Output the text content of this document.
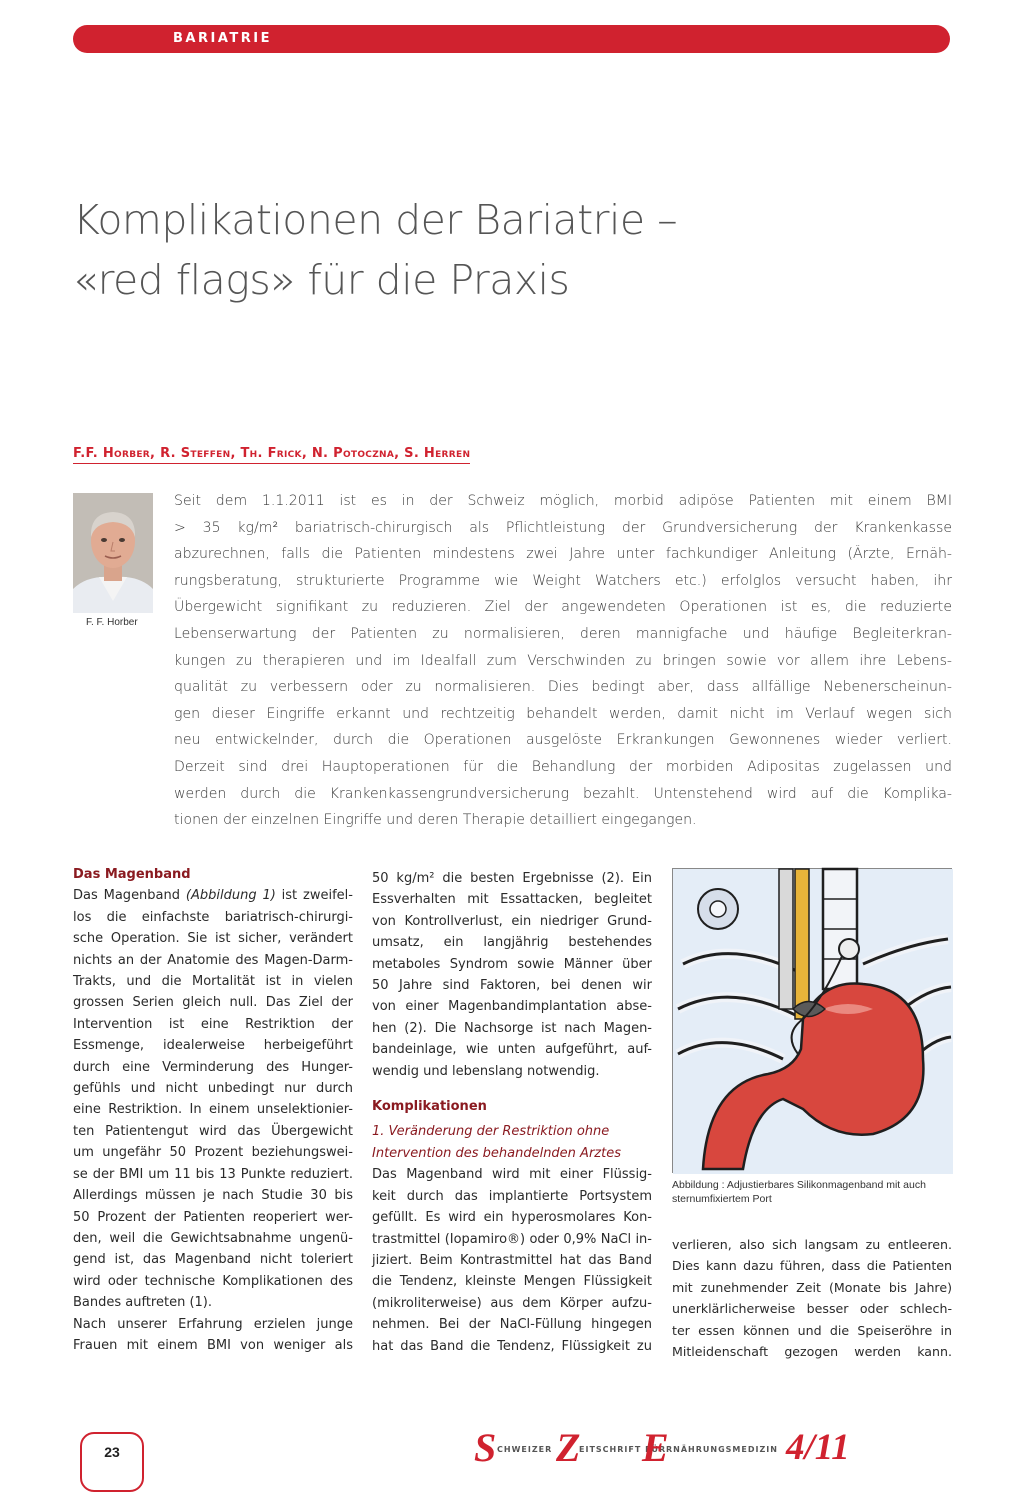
BARIATRIE
Komplikationen der Bariatrie –
«red flags» für die Praxis
F.F. Horber, R. Steffen, Th. Frick, N. Potoczna, S. Herren
F. F. Horber
Seit dem 1.1.2011 ist es in der Schweiz möglich, morbid adipöse Patienten mit einem BMI
> 35 kg/m² bariatrisch-chirurgisch als Pflichtleistung der Grundversicherung der Krankenkasse
abzurechnen, falls die Patienten mindestens zwei Jahre unter fachkundiger Anleitung (Ärzte, Ernäh-
rungsberatung, strukturierte Programme wie Weight Watchers etc.) erfolglos versucht haben, ihr
Übergewicht signifikant zu reduzieren. Ziel der angewendeten Operationen ist es, die reduzierte
Lebenserwartung der Patienten zu normalisieren, deren mannigfache und häufige Begleiterkran-
kungen zu therapieren und im Idealfall zum Verschwinden zu bringen sowie vor allem ihre Lebens-
qualität zu verbessern oder zu normalisieren. Dies bedingt aber, dass allfällige Nebenerscheinun-
gen dieser Eingriffe erkannt und rechtzeitig behandelt werden, damit nicht im Verlauf wegen sich
neu entwickelnder, durch die Operationen ausgelöste Erkrankungen Gewonnenes wieder verliert.
Derzeit sind drei Hauptoperationen für die Behandlung der morbiden Adipositas zugelassen und
werden durch die Krankenkassengrundversicherung bezahlt. Untenstehend wird auf die Komplika-
tionen der einzelnen Eingriffe und deren Therapie detailliert eingegangen.
Das Magenband
Das Magenband (Abbildung 1) ist zweifel-
los die einfachste bariatrisch-chirurgi-
sche Operation. Sie ist sicher, verändert
nichts an der Anatomie des Magen-Darm-
Trakts, und die Mortalität ist in vielen
grossen Serien gleich null. Das Ziel der
Intervention ist eine Restriktion der
Essmenge, idealerweise herbeigeführt
durch eine Verminderung des Hunger-
gefühls und nicht unbedingt nur durch
eine Restriktion. In einem unselektionier-
ten Patientengut wird das Übergewicht
um ungefähr 50 Prozent beziehungswei-
se der BMI um 11 bis 13 Punkte reduziert.
Allerdings müssen je nach Studie 30 bis
50 Prozent der Patienten reoperiert wer-
den, weil die Gewichtsabnahme ungenü-
gend ist, das Magenband nicht toleriert
wird oder technische Komplikationen des
Bandes auftreten (1).
Nach unserer Erfahrung erzielen junge
Frauen mit einem BMI von weniger als
50 kg/m² die besten Ergebnisse (2). Ein
Essverhalten mit Essattacken, begleitet
von Kontrollverlust, ein niedriger Grund-
umsatz, ein langjährig bestehendes
metaboles Syndrom sowie Männer über
50 Jahre sind Faktoren, bei denen wir
von einer Magenbandimplantation abse-
hen (2). Die Nachsorge ist nach Magen-
bandeinlage, wie unten aufgeführt, auf-
wendig und lebenslang notwendig.
Komplikationen
1. Veränderung der Restriktion ohne
Intervention des behandelnden Arztes
Das Magenband wird mit einer Flüssig-
keit durch das implantierte Portsystem
gefüllt. Es wird ein hyperosmolares Kon-
trastmittel (Iopamiro®) oder 0,9% NaCl in-
jiziert. Beim Kontrastmittel hat das Band
die Tendenz, kleinste Mengen Flüssigkeit
(mikroliterweise) aus dem Körper aufzu-
nehmen. Bei der NaCl-Füllung hingegen
hat das Band die Tendenz, Flüssigkeit zu
Abbildung : Adjustierbares Silikonmagenband mit auch sternumfixiertem Port
verlieren, also sich langsam zu entleeren.
Dies kann dazu führen, dass die Patienten
mit zunehmender Zeit (Monate bis Jahre)
unerklärlicherweise besser oder schlech-
ter essen können und die Speiseröhre in
Mitleidenschaft gezogen werden kann.
23	S CHWEIZER Z
EITSCHRIFT FÜR
E
RNÄHRUNGSMEDIZIN 4/11
